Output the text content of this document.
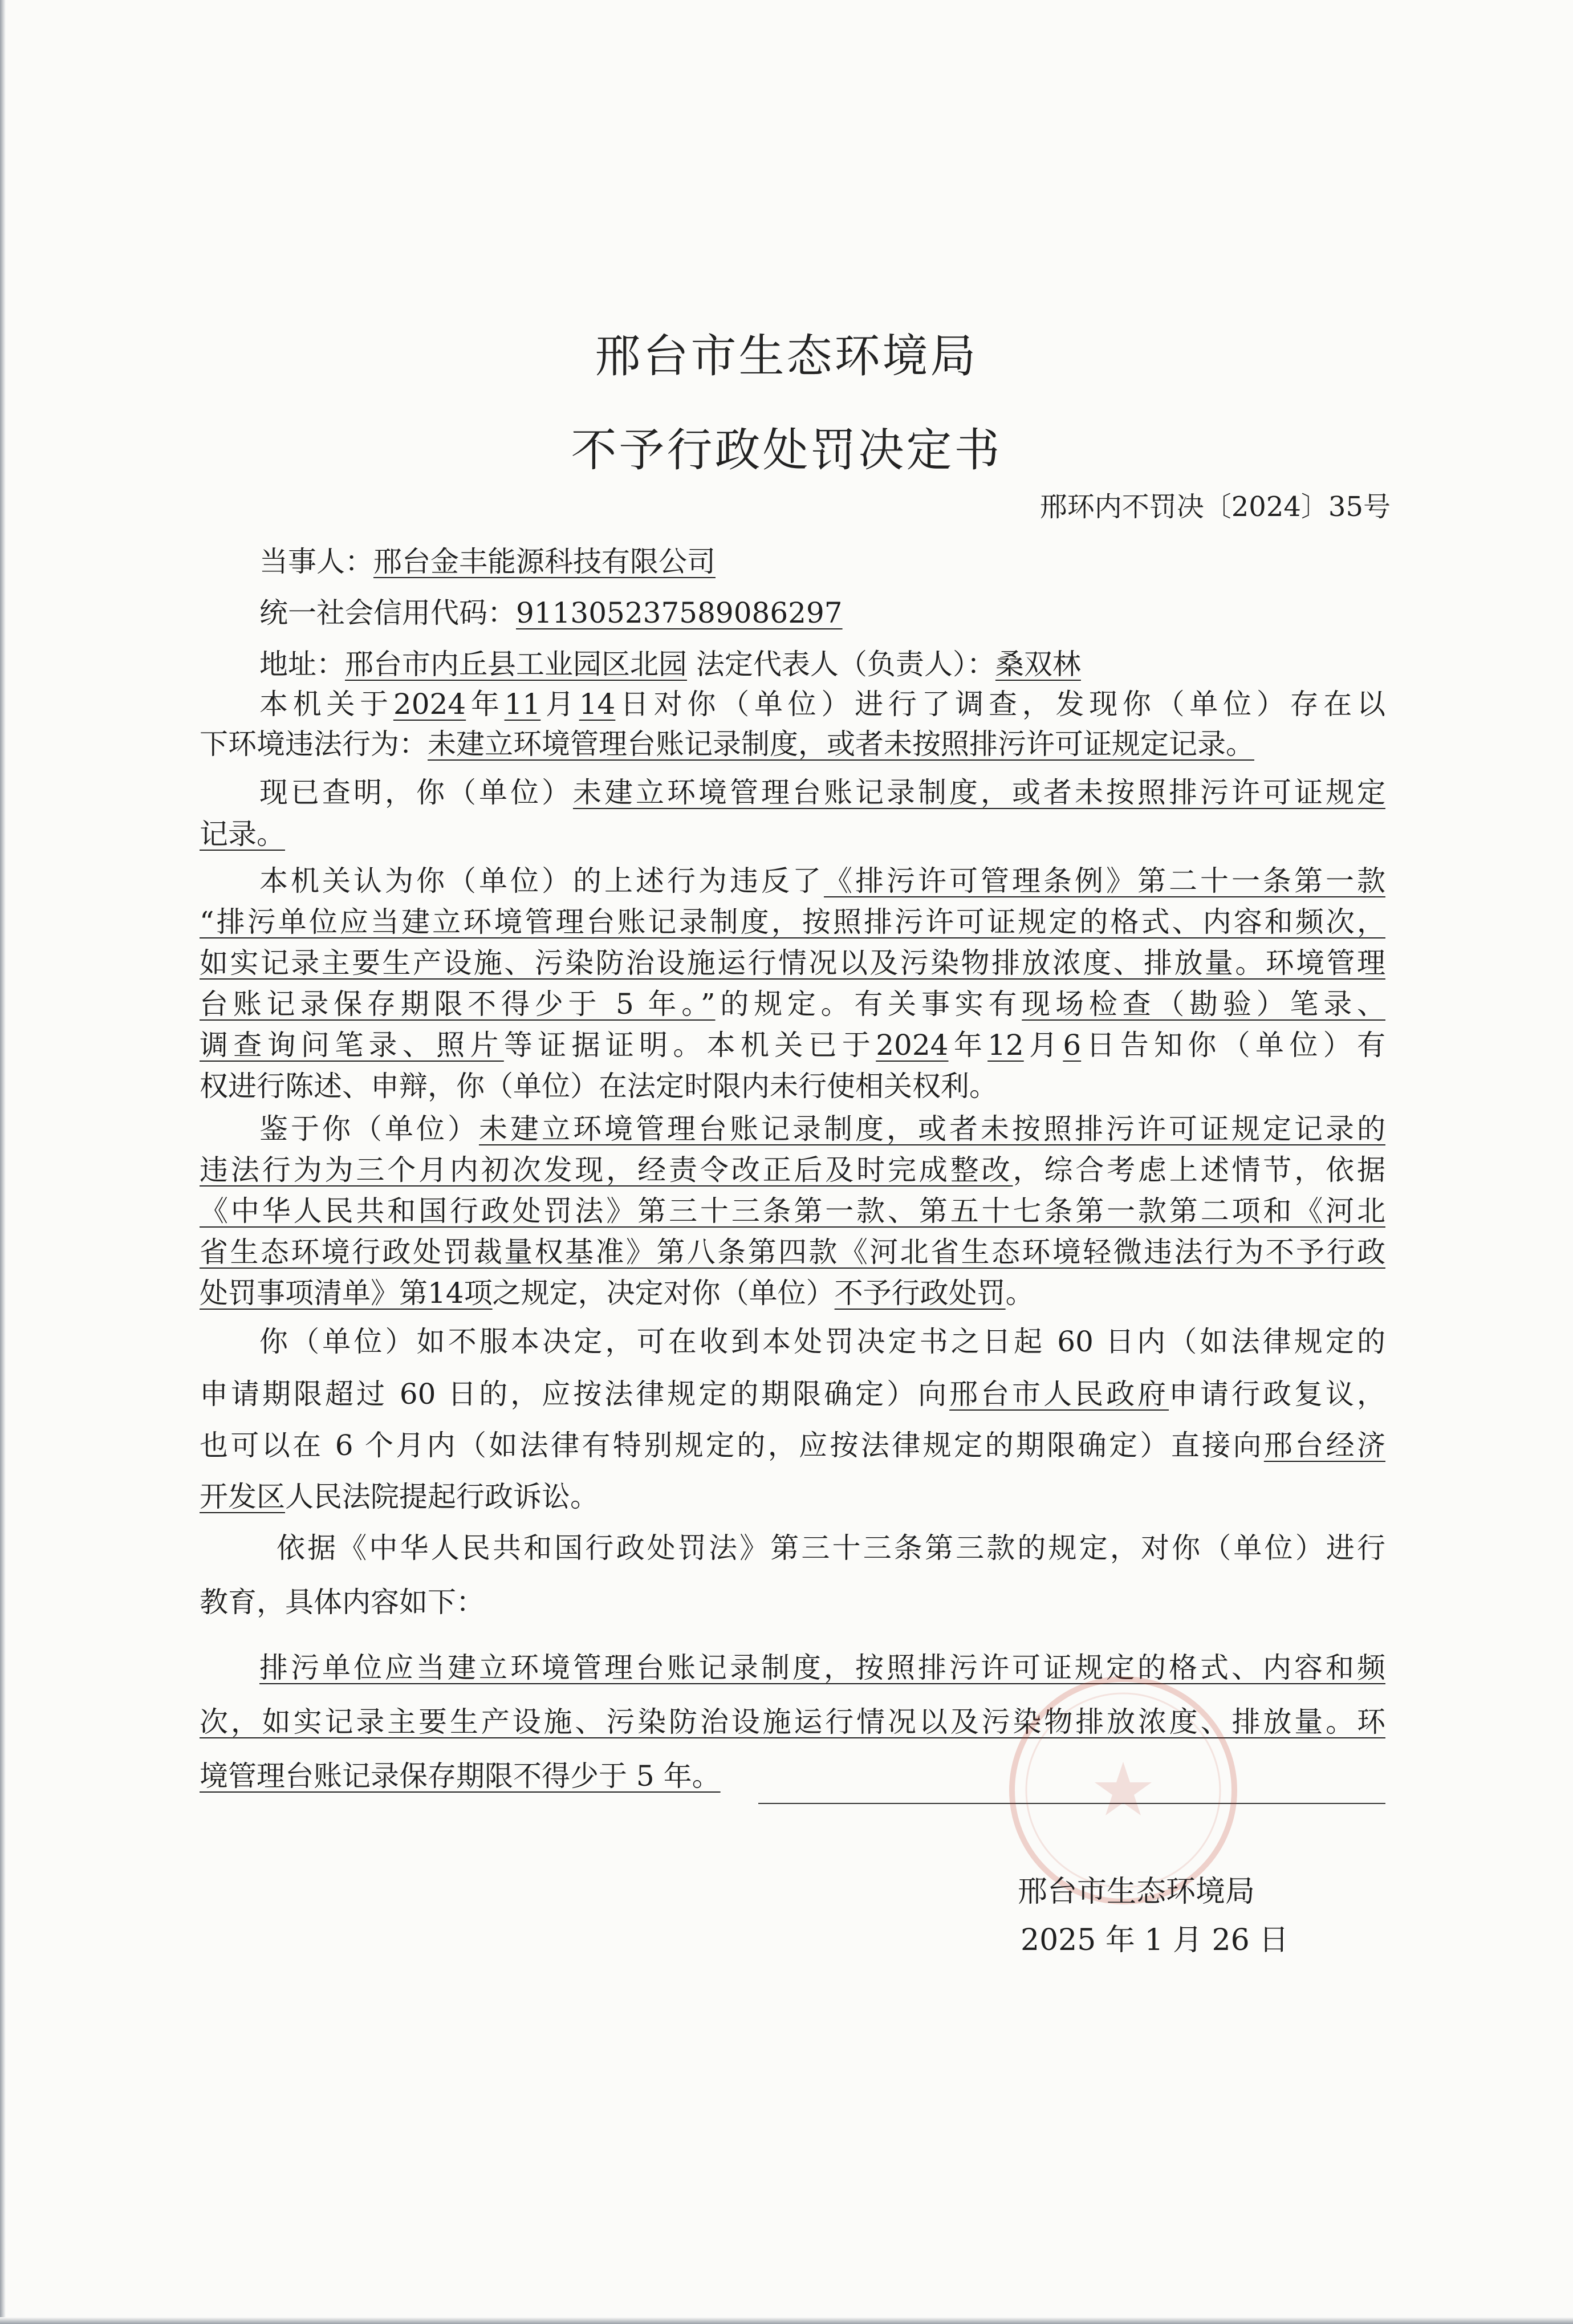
邢台市生态环境局
不予行政处罚决定书
邢环内不罚决〔2024〕35号
当事人：邢台金丰能源科技有限公司
统一社会信用代码：911305237589086297
地址：邢台市内丘县工业园区北园 法定代表人（负责人）：桑双林
本机关于2024年11月14日对你（单位）进行了调查，发现你（单位）存在以
下环境违法行为：未建立环境管理台账记录制度，或者未按照排污许可证规定记录。
现已查明，你（单位）未建立环境管理台账记录制度，或者未按照排污许可证规定
记录。
本机关认为你（单位）的上述行为违反了《排污许可管理条例》第二十一条第一款
“排污单位应当建立环境管理台账记录制度，按照排污许可证规定的格式、内容和频次，
如实记录主要生产设施、污染防治设施运行情况以及污染物排放浓度、排放量。环境管理
台账记录保存期限不得少于 5 年。”的规定。有关事实有现场检查（勘验）笔录、
调查询问笔录、照片等证据证明。本机关已于2024年12月6日告知你（单位）有
权进行陈述、申辩，你（单位）在法定时限内未行使相关权利。
鉴于你（单位）未建立环境管理台账记录制度，或者未按照排污许可证规定记录的
违法行为为三个月内初次发现，经责令改正后及时完成整改，综合考虑上述情节，依据
《中华人民共和国行政处罚法》第三十三条第一款、第五十七条第一款第二项和《河北
省生态环境行政处罚裁量权基准》第八条第四款《河北省生态环境轻微违法行为不予行政
处罚事项清单》第14项之规定，决定对你（单位）不予行政处罚。
你（单位）如不服本决定，可在收到本处罚决定书之日起 60 日内（如法律规定的
申请期限超过 60 日的，应按法律规定的期限确定）向邢台市人民政府申请行政复议，
也可以在 6 个月内（如法律有特别规定的，应按法律规定的期限确定）直接向邢台经济
开发区人民法院提起行政诉讼。
依据《中华人民共和国行政处罚法》第三十三条第三款的规定，对你（单位）进行
教育，具体内容如下：
排污单位应当建立环境管理台账记录制度，按照排污许可证规定的格式、内容和频
次，如实记录主要生产设施、污染防治设施运行情况以及污染物排放浓度、排放量。环
境管理台账记录保存期限不得少于 5 年。
邢台市生态环境局
2025 年 1 月 26 日
